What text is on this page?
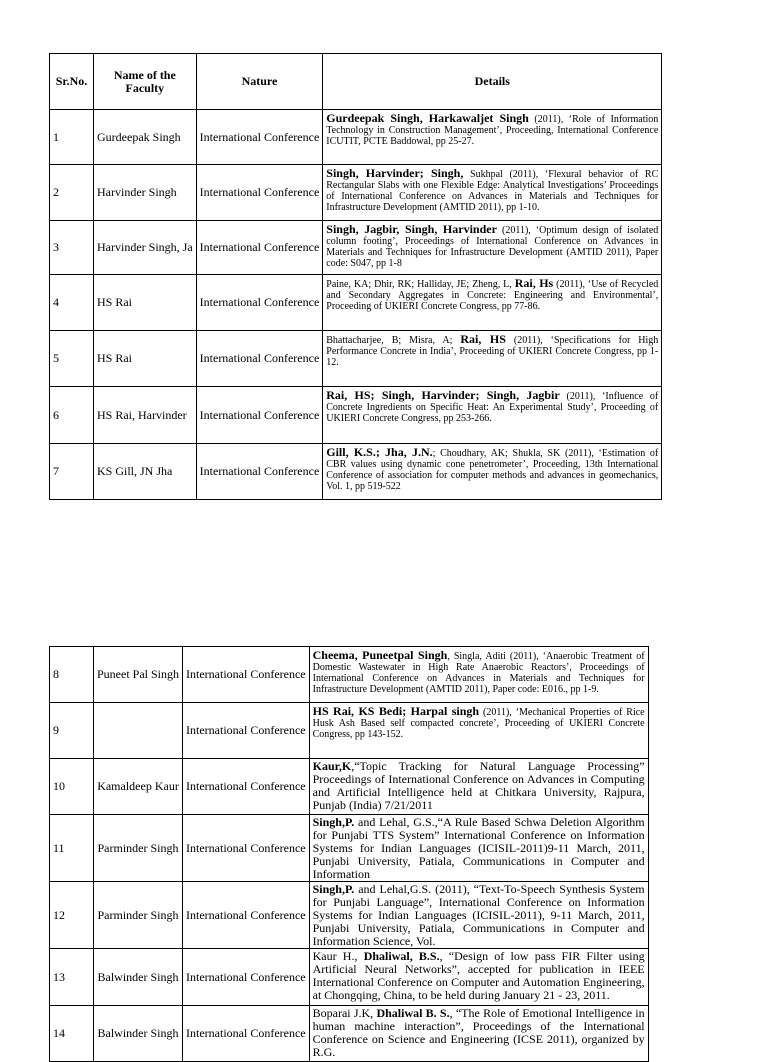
Sr.No.	Name of the Faculty	Nature	Details
1	Gurdeepak Singh	International Conference	Gurdeepak Singh, Harkawaljet Singh (2011), ‘Role of Information Technology in Construction Management’, Proceeding, International Conference ICUTIT, PCTE Baddowal, pp 25-27.
2	Harvinder Singh	International Conference	Singh, Harvinder; Singh, Sukhpal (2011), ‘Flexural behavior of RC Rectangular Slabs with one Flexible Edge: Analytical Investigations’ Proceedings of International Conference on Advances in Materials and Techniques for Infrastructure Development (AMTID 2011), pp 1-10.
3	Harvinder Singh, Ja	International Conference	Singh, Jagbir, Singh, Harvinder (2011), ‘Optimum design of isolated column footing’, Proceedings of International Conference on Advances in Materials and Techniques for Infrastructure Development (AMTID 2011), Paper code: S047, pp 1-8
4	HS Rai	International Conference	Paine, KA; Dhir, RK; Halliday, JE; Zheng, L, Rai, Hs (2011), ‘Use of Recycled and Secondary Aggregates in Concrete: Engineering and Environmental’, Proceeding of UKIERI Concrete Congress, pp 77-86.
5	HS Rai	International Conference	Bhattacharjee, B; Misra, A; Rai, HS (2011), ‘Specifications for High Performance Concrete in India’, Proceeding of UKIERI Concrete Congress, pp 1-12.
6	HS Rai, Harvinder	International Conference	Rai, HS; Singh, Harvinder; Singh, Jagbir (2011), ‘Influence of Concrete Ingredients on Specific Heat: An Experimental Study’, Proceeding of UKIERI Concrete Congress, pp 253-266.
7	KS Gill, JN Jha	International Conference	Gill, K.S.; Jha, J.N.; Choudhary, AK; Shukla, SK (2011), ‘Estimation of CBR values using dynamic cone penetrometer’, Proceeding, 13th International Conference of association for computer methods and advances in geomechanics, Vol. 1, pp 519-522
8	Puneet Pal Singh	International Conference	Cheema, Puneetpal Singh, Singla, Aditi (2011), ‘Anaerobic Treatment of Domestic Wastewater in High Rate Anaerobic Reactors’, Proceedings of International Conference on Advances in Materials and Techniques for Infrastructure Development (AMTID 2011), Paper code: E016., pp 1-9.
9		International Conference	HS Rai, KS Bedi; Harpal singh (2011), ‘Mechanical Properties of Rice Husk Ash Based self compacted concrete’, Proceeding of UKIERI Concrete Congress, pp 143-152.
10	Kamaldeep Kaur	International Conference	Kaur,K,“Topic Tracking for Natural Language Processing” Proceedings of International Conference on Advances in Computing and Artificial Intelligence held at Chitkara University, Rajpura, Punjab (India) 7/21/2011
11	Parminder Singh	International Conference	Singh,P. and Lehal, G.S.,“A Rule Based Schwa Deletion Algorithm for Punjabi TTS System” International Conference on Information Systems for Indian Languages (ICISIL-2011)9-11 March, 2011, Punjabi University, Patiala, Communications in Computer and Information
12	Parminder Singh	International Conference	Singh,P. and Lehal,G.S. (2011), “Text-To-Speech Synthesis System for Punjabi Language”, International Conference on Information Systems for Indian Languages (ICISIL-2011), 9-11 March, 2011, Punjabi University, Patiala, Communications in Computer and Information Science, Vol.
13	Balwinder Singh	International Conference	Kaur H., Dhaliwal, B.S., “Design of low pass FIR Filter using Artificial Neural Networks”, accepted for publication in IEEE International Conference on Computer and Automation Engineering, at Chongqing, China, to be held during January 21 - 23, 2011.
14	Balwinder Singh	International Conference	Boparai J.K, Dhaliwal B. S., “The Role of Emotional Intelligence in human machine interaction”, Proceedings of the International Conference on Science and Engineering (ICSE 2011), organized by R.G.
